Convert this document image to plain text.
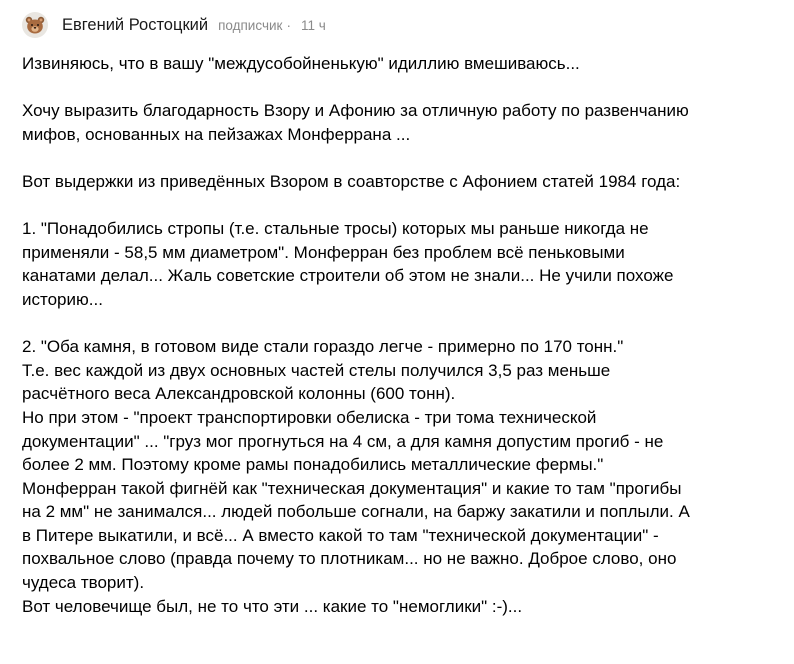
Евгений Ростоцкий подписчик · 11 ч

Извиняюсь, что в вашу "междусобойненькую" идиллию вмешиваюсь...

Хочу выразить благодарность Взору и Афонию за отличную работу по развенчанию

мифов, основанных на пейзажах Монферрана ...

Вот выдержки из приведённых Взором в соавторстве с Афонием статей 1984 года:

1. "Понадобились стропы (т.е. стальные тросы) которых мы раньше никогда не

применяли - 58,5 мм диаметром". Монферран без проблем всё пеньковыми

канатами делал... Жаль советские строители об этом не знали... Не учили похоже

историю...

2. "Оба камня, в готовом виде стали гораздо легче - примерно по 170 тонн."

Т.е. вес каждой из двух основных частей стелы получился 3,5 раз меньше

расчётного веса Александровской колонны (600 тонн).

Но при этом - "проект транспортировки обелиска - три тома технической

документации" ... "груз мог прогнуться на 4 см, а для камня допустим прогиб - не

более 2 мм. Поэтому кроме рамы понадобились металлические фермы."

Монферран такой фигнёй как "техническая документация" и какие то там "прогибы

на 2 мм" не занимался... людей побольше согнали, на баржу закатили и поплыли. А

в Питере выкатили, и всё... А вместо какой то там "технической документации" -

похвальное слово (правда почему то плотникам... но не важно. Доброе слово, оно

чудеса творит).

Вот человечище был, не то что эти ... какие то "немоглики" :-)...
